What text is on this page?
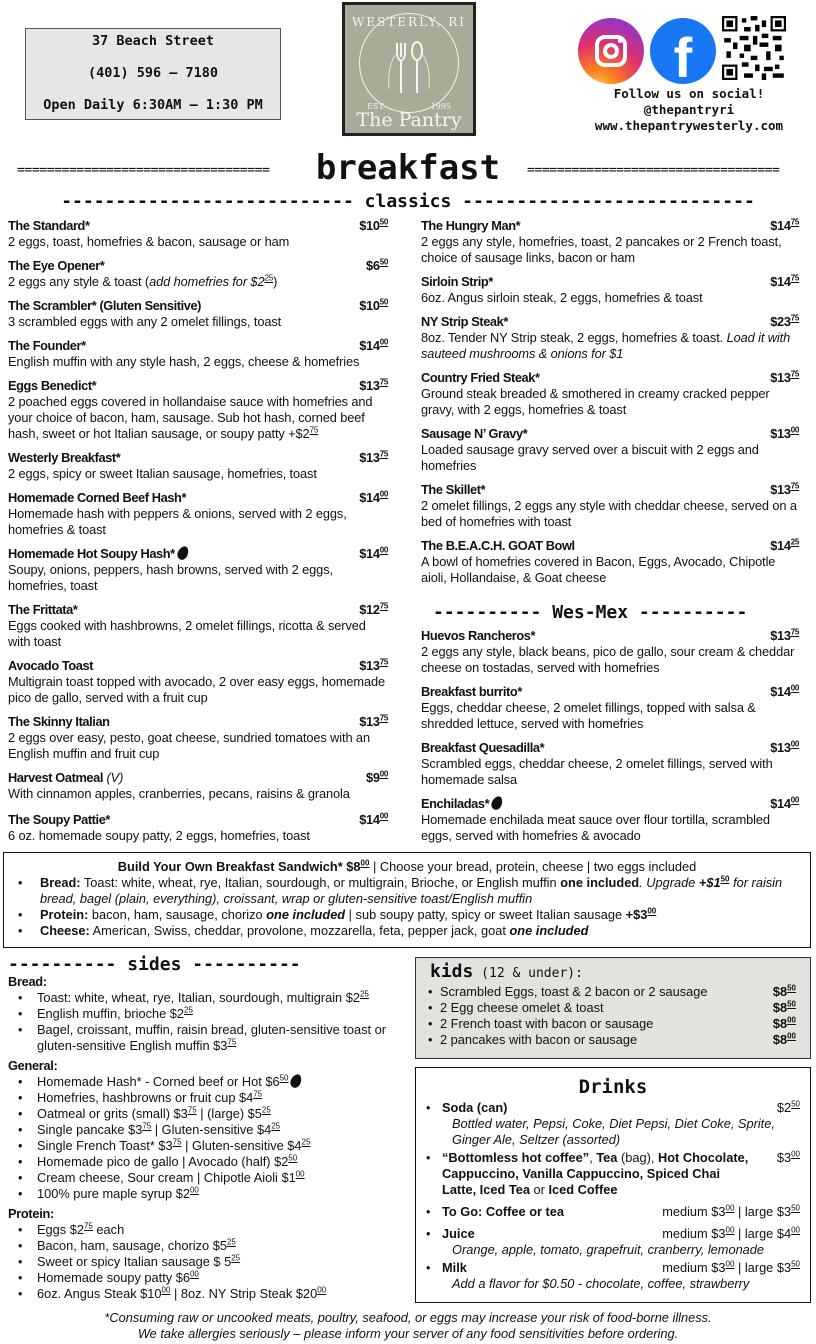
37 Beach Street
(401) 596 – 7180
Open Daily 6:30AM – 1:30 PM
WESTERLY, RI
EST.	1995
The Pantry
f
Follow us on social!
@thepantryri
www.thepantrywesterly.com
==================================	breakfast	==================================
--------------------------- classics ---------------------------
The Standard*	$\$10^{50}$
2 eggs, toast, homefries & bacon, sausage or ham
The Eye Opener*	$\$6^{50}$
2 eggs any style & toast (add homefries for $\$2^{25}$)
The Scrambler* (Gluten Sensitive)	$\$10^{50}$
3 scrambled eggs with any 2 omelet fillings, toast
The Founder*	$\$14^{00}$
English muffin with any style hash, 2 eggs, cheese & homefries
Eggs Benedict*	$\$13^{75}$
2 poached eggs covered in hollandaise sauce with homefries and your choice of bacon, ham, sausage. Sub hot hash, corned beef hash, sweet or hot Italian sausage, or soupy patty $+\$2^{75}$
Westerly Breakfast*	$\$13^{75}$
2 eggs, spicy or sweet Italian sausage, homefries, toast
Homemade Corned Beef Hash*	$\$14^{00}$
Homemade hash with peppers & onions, served with 2 eggs, homefries & toast
Homemade Hot Soupy Hash*	$\$14^{00}$
Soupy, onions, peppers, hash browns, served with 2 eggs, homefries, toast
The Frittata*	$\$12^{75}$
Eggs cooked with hashbrowns, 2 omelet fillings, ricotta & served with toast
Avocado Toast	$\$13^{75}$
Multigrain toast topped with avocado, 2 over easy eggs, homemade pico de gallo, served with a fruit cup
The Skinny Italian	$\$13^{75}$
2 eggs over easy, pesto, goat cheese, sundried tomatoes with an English muffin and fruit cup
Harvest Oatmeal (V)	$\$9^{00}$
With cinnamon apples, cranberries, pecans, raisins & granola
The Soupy Pattie*	$\$14^{00}$
6 oz. homemade soupy patty, 2 eggs, homefries, toast
The Hungry Man*	$\$14^{75}$
2 eggs any style, homefries, toast, 2 pancakes or 2 French toast, choice of sausage links, bacon or ham
Sirloin Strip*	$\$14^{75}$
6oz. Angus sirloin steak, 2 eggs, homefries & toast
NY Strip Steak*	$\$23^{75}$
8oz. Tender NY Strip steak, 2 eggs, homefries & toast. Load it with sauteed mushrooms & onions for $1
Country Fried Steak*	$\$13^{75}$
Ground steak breaded & smothered in creamy cracked pepper gravy, with 2 eggs, homefries & toast
Sausage N’ Gravy*	$\$13^{00}$
Loaded sausage gravy served over a biscuit with 2 eggs and homefries
The Skillet*	$\$13^{75}$
2 omelet fillings, 2 eggs any style with cheddar cheese, served on a bed of homefries with toast
The B.E.A.C.H. GOAT Bowl	$\$14^{25}$
A bowl of homefries covered in Bacon, Eggs, Avocado, Chipotle aioli, Hollandaise, & Goat cheese
---------- Wes-Mex ----------
Huevos Rancheros*	$\$13^{75}$
2 eggs any style, black beans, pico de gallo, sour cream & cheddar cheese on tostadas, served with homefries
Breakfast burrito*	$\$14^{00}$
Eggs, cheddar cheese, 2 omelet fillings, topped with salsa & shredded lettuce, served with homefries
Breakfast Quesadilla*	$\$13^{00}$
Scrambled eggs, cheddar cheese, 2 omelet fillings, served with homemade salsa
Enchiladas*	$\$14^{00}$
Homemade enchilada meat sauce over flour tortilla, scrambled eggs, served with homefries & avocado
Build Your Own Breakfast Sandwich* $\$8^{00}$ | Choose your bread, protein, cheese | two eggs included
• Bread: Toast: white, wheat, rye, Italian, sourdough, or multigrain, Brioche, or English muffin one included. Upgrade $+\$1^{50}$ for raisin bread, bagel (plain, everything), croissant, wrap or gluten-sensitive toast/English muffin
• Protein: bacon, ham, sausage, chorizo one included | sub soupy patty, spicy or sweet Italian sausage $+\$3^{00}$
• Cheese: American, Swiss, cheddar, provolone, mozzarella, feta, pepper jack, goat one included
---------- sides ----------
Bread:
• Toast: white, wheat, rye, Italian, sourdough, multigrain $\$2^{25}$
• English muffin, brioche $\$2^{25}$
• Bagel, croissant, muffin, raisin bread, gluten-sensitive toast or gluten-sensitive English muffin $\$3^{75}$
General:
• Homemade Hash* - Corned beef or Hot $\$6^{50}$
• Homefries, hashbrowns or fruit cup $\$4^{75}$
• Oatmeal or grits (small) $\$3^{75}$ | (large) $\$5^{25}$
• Single pancake $\$3^{75}$ | Gluten-sensitive $\$4^{25}$
• Single French Toast* $\$3^{75}$ | Gluten-sensitive $\$4^{25}$
• Homemade pico de gallo | Avocado (half) $\$2^{50}$
• Cream cheese, Sour cream | Chipotle Aioli $\$1^{00}$
• 100% pure maple syrup $\$2^{00}$
Protein:
• Eggs $\$2^{75}$ each
• Bacon, ham, sausage, chorizo $\$5^{25}$
• Sweet or spicy Italian sausage $ $5^{25}$
• Homemade soupy patty $\$6^{00}$
• 6oz. Angus Steak $\$10^{00}$ | 8oz. NY Strip Steak $\$20^{00}$
kids (12 & under):
• Scrambled Eggs, toast & 2 bacon or 2 sausage	$\$8^{50}$
• 2 Egg cheese omelet & toast	$\$8^{50}$
• 2 French toast with bacon or sausage	$\$8^{00}$
• 2 pancakes with bacon or sausage	$\$8^{00}$
Drinks
• Soda (can)	$\$2^{50}$
Bottled water, Pepsi, Coke, Diet Pepsi, Diet Coke, Sprite, Ginger Ale, Seltzer (assorted)
• “Bottomless hot coffee”, Tea (bag), Hot Chocolate, Cappuccino, Vanilla Cappuccino, Spiced Chai Latte, Iced Tea or Iced Coffee
$\$3^{00}$
• To Go: Coffee or tea	medium $\$3^{00}$ | large $\$3^{50}$
• Juice	medium $\$3^{00}$ | large $\$4^{00}$
Orange, apple, tomato, grapefruit, cranberry, lemonade
• Milk	medium $\$3^{00}$ | large $\$3^{50}$
Add a flavor for $0.50 - chocolate, coffee, strawberry
*Consuming raw or uncooked meats, poultry, seafood, or eggs may increase your risk of food-borne illness.
We take allergies seriously – please inform your server of any food sensitivities before ordering.
